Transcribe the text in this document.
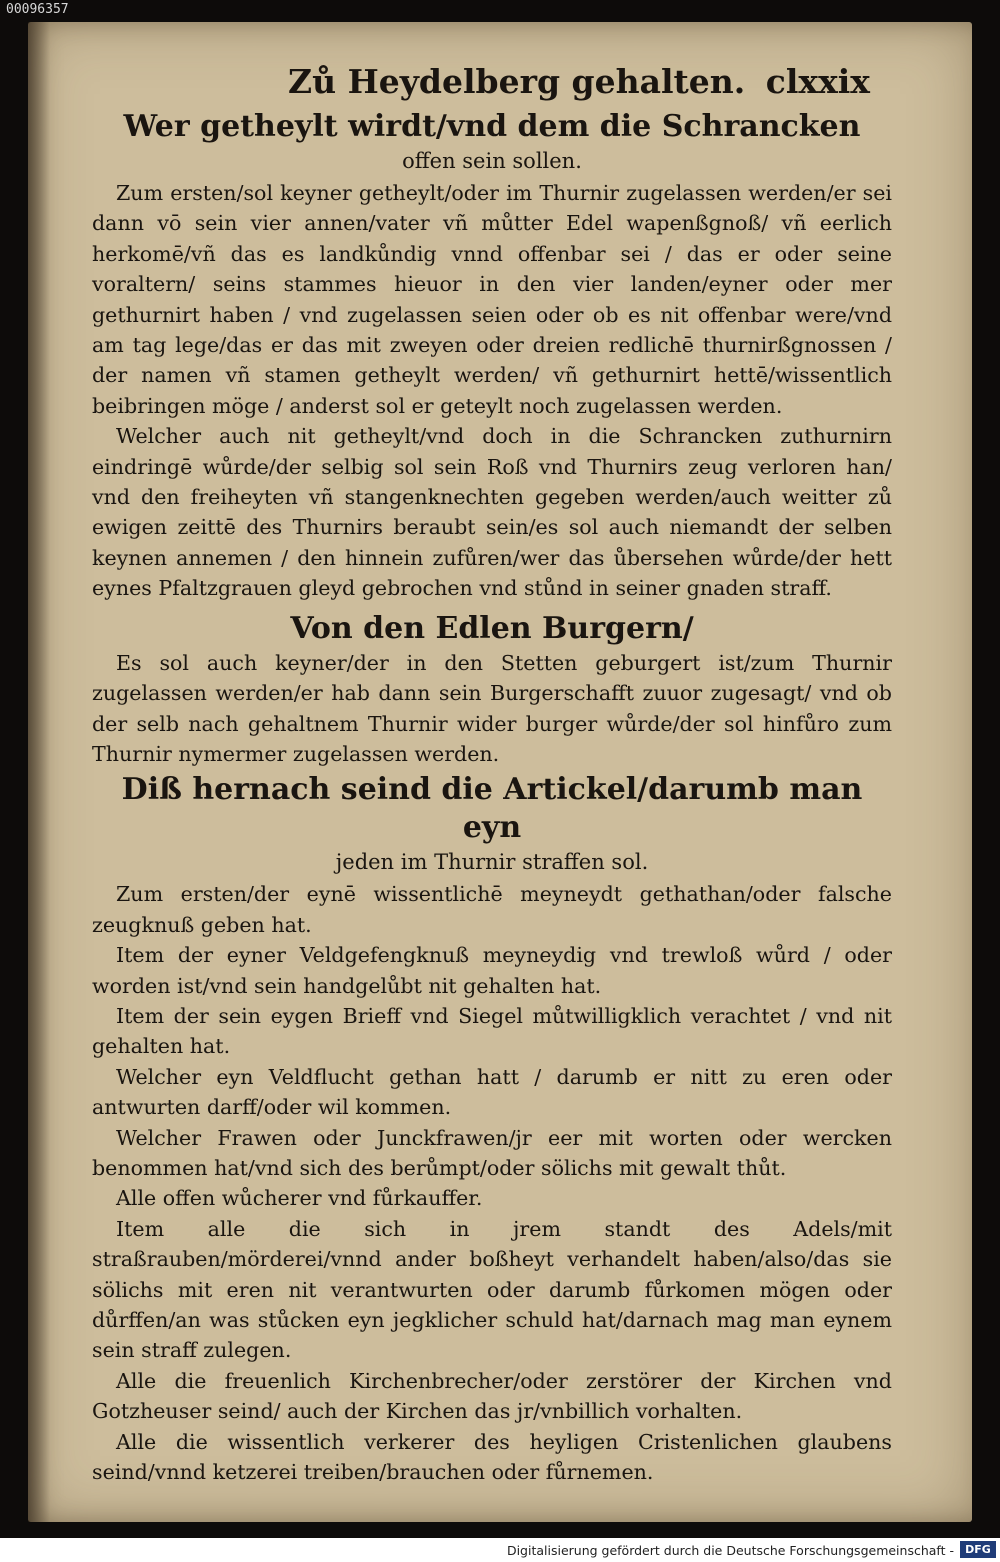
00096357
Zů Heydelberg gehalten. clxxix
Wer getheylt wirdt/vnd dem die Schrancken
offen sein sollen.

Zum ersten/sol keyner getheylt/oder im Thurnir zugelassen werden/er sei dann vō sein vier annen/vater vñ můtter Edel wapenßgnoß/ vñ eerlich herkomē/vñ das es landkůndig vnnd offenbar sei / das er oder seine voraltern/ seins stammes hieuor in den vier landen/eyner oder mer gethurnirt haben / vnd zugelassen seien oder ob es nit offenbar were/vnd am tag lege/das er das mit zweyen oder dreien redlichē thurnirßgnossen / der namen vñ stamen getheylt werden/ vñ gethurnirt hettē/wissentlich beibringen möge / anderst sol er geteylt noch zugelassen werden.

Welcher auch nit getheylt/vnd doch in die Schrancken zuthurnirn eindringē wůrde/der selbig sol sein Roß vnd Thurnirs zeug verloren han/ vnd den freiheyten vñ stangenknechten gegeben werden/auch weitter zů ewigen zeittē des Thurnirs beraubt sein/es sol auch niemandt der selben keynen annemen / den hinnein zufůren/wer das ůbersehen wůrde/der hett eynes Pfaltzgrauen gleyd gebrochen vnd stůnd in seiner gnaden straff.

Von den Edlen Burgern/

Es sol auch keyner/der in den Stetten geburgert ist/zum Thurnir zugelassen werden/er hab dann sein Burgerschafft zuuor zugesagt/ vnd ob der selb nach gehaltnem Thurnir wider burger wůrde/der sol hinfůro zum Thurnir nymermer zugelassen werden.

Diß hernach seind die Artickel/darumb man eyn
jeden im Thurnir straffen sol.

Zum ersten/der eynē wissentlichē meyneydt gethathan/oder falsche zeugknuß geben hat.

Item der eyner Veldgefengknuß meyneydig vnd trewloß wůrd / oder worden ist/vnd sein handgelůbt nit gehalten hat.

Item der sein eygen Brieff vnd Siegel můtwilligklich verachtet / vnd nit gehalten hat.

Welcher eyn Veldflucht gethan hatt / darumb er nitt zu eren oder antwurten darff/oder wil kommen.

Welcher Frawen oder Junckfrawen/jr eer mit worten oder wercken benommen hat/vnd sich des berůmpt/oder sölichs mit gewalt thůt.

Alle offen wůcherer vnd fůrkauffer.

Item alle die sich in jrem standt des Adels/mit straßrauben/mörderei/vnnd ander boßheyt verhandelt haben/also/das sie sölichs mit eren nit verantwurten oder darumb fůrkomen mögen oder důrffen/an was stůcken eyn jegklicher schuld hat/darnach mag man eynem sein straff zulegen.

Alle die freuenlich Kirchenbrecher/oder zerstörer der Kirchen vnd Gotzheuser seind/ auch der Kirchen das jr/vnbillich vorhalten.

Alle die wissentlich verkerer des heyligen Cristenlichen glaubens seind/vnnd ketzerei treiben/brauchen oder fůrnemen.

Digitalisierung gefördert durch die Deutsche Forschungsgemeinschaft -	DFG
